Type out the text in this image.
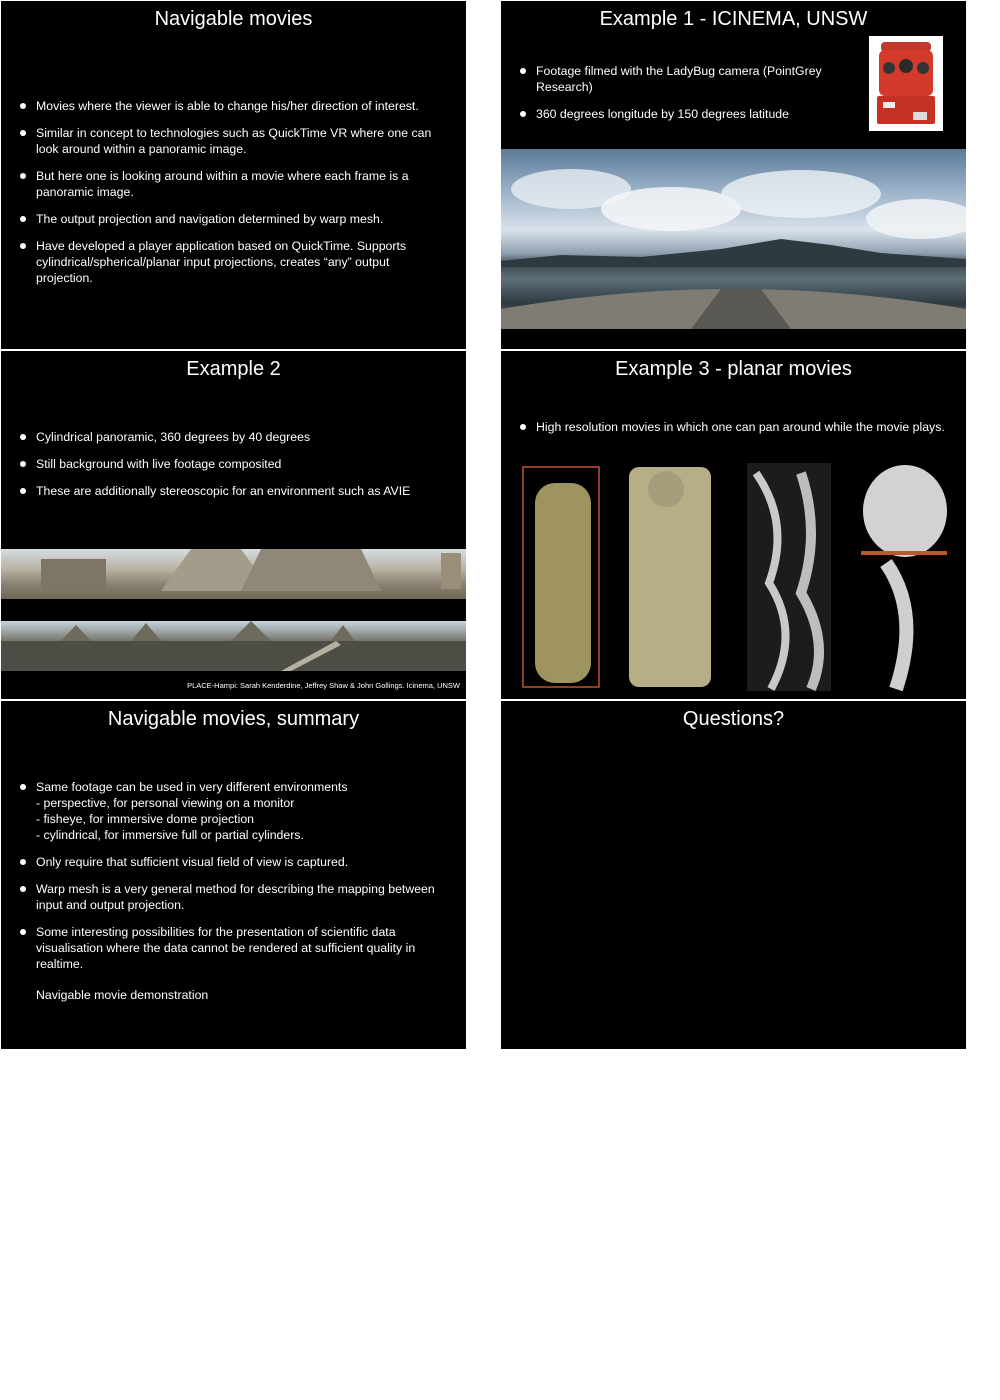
Navigable movies
Movies where the viewer is able to change his/her direction of interest.
Similar in concept to technologies such as QuickTime VR where one can look around within a panoramic image.
But here one is looking around within a movie where each frame is a panoramic image.
The output projection and navigation determined by warp mesh.
Have developed a player application based on QuickTime. Supports cylindrical/spherical/planar input projections, creates “any” output projection.
Example 1 - ICINEMA, UNSW
Footage filmed with the LadyBug camera (PointGrey Research)
360 degrees longitude by 150 degrees latitude
Example 2
Cylindrical panoramic, 360 degrees by 40 degrees
Still background with live footage composited
These are additionally stereoscopic for an environment such as AVIE
PLACE-Hampi: Sarah Kenderdine, Jeffrey Shaw & John Gollings. Icinema, UNSW
Example 3 - planar movies
High resolution movies in which one can pan around while the movie plays.
Navigable movies, summary
Same footage can be used in very different environments
- perspective, for personal viewing on a monitor
- fisheye, for immersive dome projection
- cylindrical, for immersive full or partial cylinders.
Only require that sufficient visual field of view is captured.
Warp mesh is a very general method for describing the mapping between input and output projection.
Some interesting possibilities for the presentation of scientific data visualisation where the data cannot be rendered at sufficient quality in realtime.
Navigable movie demonstration
Questions?
